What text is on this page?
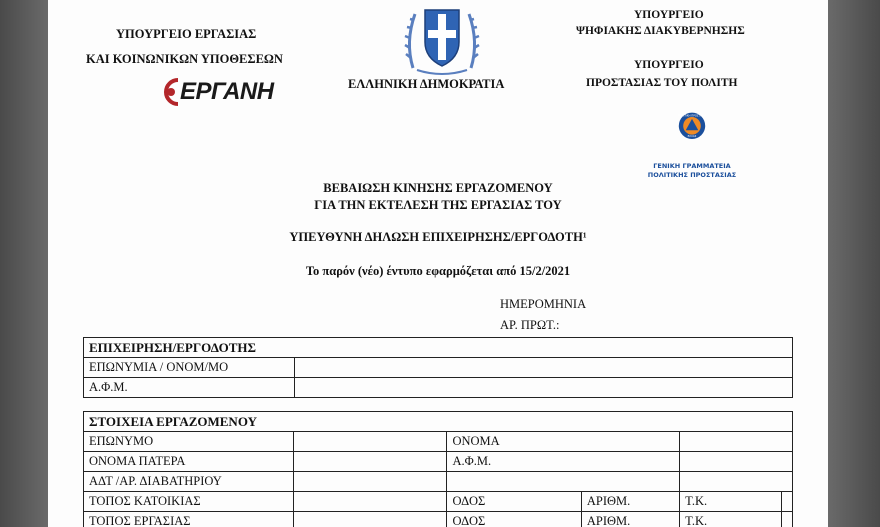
ΥΠΟΥΡΓΕΙΟ ΕΡΓΑΣΙΑΣ
ΚΑΙ ΚΟΙΝΩΝΙΚΩΝ ΥΠΟΘΕΣΕΩΝ
ΕΡΓΑΝΗ	ΕΛΛΗΝΙΚΗ ΔΗΜΟΚΡΑΤΙΑ
ΥΠΟΥΡΓΕΙΟ
ΨΗΦΙΑΚΗΣ ΔΙΑΚΥΒΕΡΝΗΣΗΣ
ΥΠΟΥΡΓΕΙΟ
ΠΡΟΣΤΑΣΙΑΣ ΤΟΥ ΠΟΛΙΤΗ
ΠΟΛΙΤΙΚΗ ΠΡΟΣΤΑΣΙΑ
ΕΛΛΑΣ
ΓΕΝΙΚΗ ΓΡΑΜΜΑΤΕΙΑ
ΠΟΛΙΤΙΚΗΣ ΠΡΟΣΤΑΣΙΑΣ
ΒΕΒΑΙΩΣΗ ΚΙΝΗΣΗΣ ΕΡΓΑΖΟΜΕΝΟΥ
ΓΙΑ ΤΗΝ ΕΚΤΕΛΕΣΗ ΤΗΣ ΕΡΓΑΣΙΑΣ ΤΟΥ
ΥΠΕΥΘΥΝΗ ΔΗΛΩΣΗ ΕΠΙΧΕΙΡΗΣΗΣ/ΕΡΓΟΔΟΤΗ¹
Το παρόν (νέο) έντυπο εφαρμόζεται από 15/2/2021
ΗΜΕΡΟΜΗΝΙΑ
ΑΡ. ΠΡΩΤ.:
ΕΠΙΧΕΙΡΗΣΗ/ΕΡΓΟΔΟΤΗΣ	
ΕΠΩΝΥΜΙΑ / ΟΝΟΜ/ΜΟ	
Α.Φ.Μ.	
ΣΤΟΙΧΕΙΑ ΕΡΓΑΖΟΜΕΝΟΥ					
ΕΠΩΝΥΜΟ		ΟΝΟΜΑ			
ΟΝΟΜΑ ΠΑΤΕΡΑ		Α.Φ.Μ.			
ΑΔΤ /ΑΡ. ΔΙΑΒΑΤΗΡΙΟΥ					
ΤΟΠΟΣ ΚΑΤΟΙΚΙΑΣ		ΟΔΟΣ	ΑΡΙΘΜ.	Τ.Κ.	
ΤΟΠΟΣ ΕΡΓΑΣΙΑΣ		ΟΔΟΣ	ΑΡΙΘΜ.	Τ.Κ.	
